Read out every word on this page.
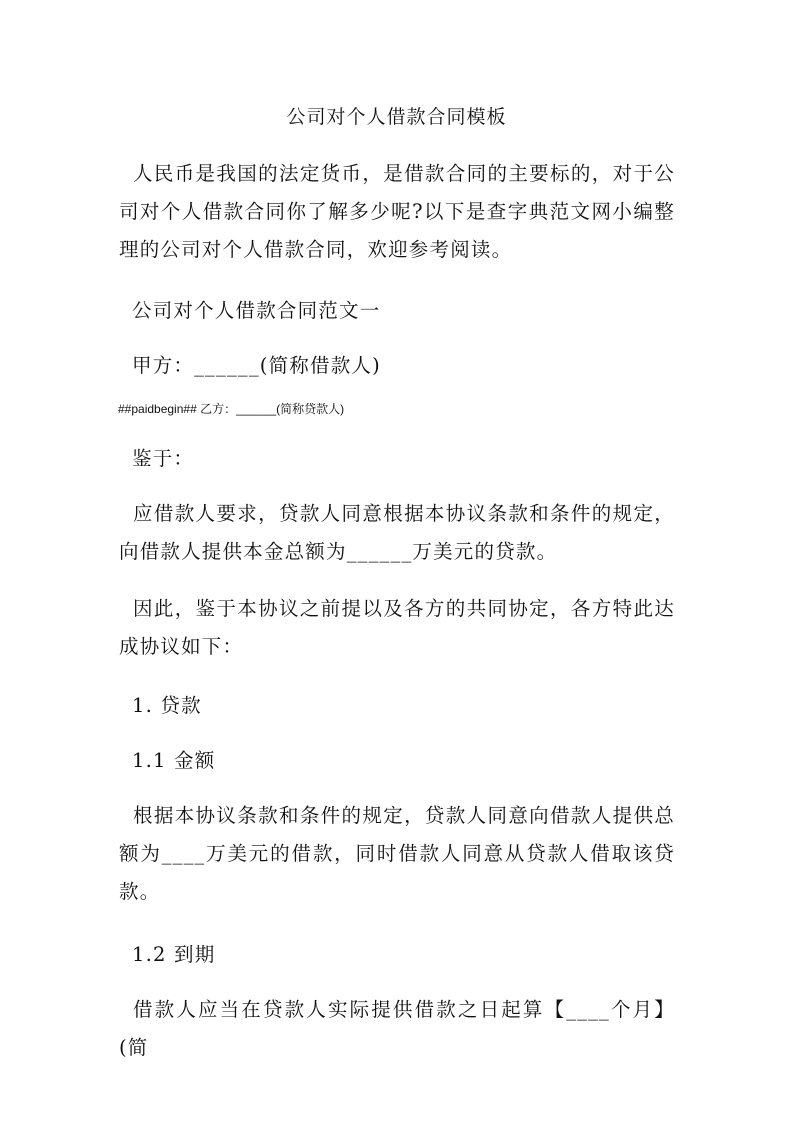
公司对个人借款合同模板

人民币是我国的法定货币，是借款合同的主要标的，对于公司对个人借款合同你了解多少呢?以下是查字典范文网小编整理的公司对个人借款合同，欢迎参考阅读。

公司对个人借款合同范文一
甲方：______(简称借款人)
##paidbegin## 乙方：______(简称贷款人)
鉴于：

应借款人要求，贷款人同意根据本协议条款和条件的规定，向借款人提供本金总额为______万美元的贷款。

因此，鉴于本协议之前提以及各方的共同协定，各方特此达成协议如下：

1. 贷款
1.1 金额

根据本协议条款和条件的规定，贷款人同意向借款人提供总额为____万美元的借款，同时借款人同意从贷款人借取该贷款。

1.2 到期

借款人应当在贷款人实际提供借款之日起算【____个月】(简
